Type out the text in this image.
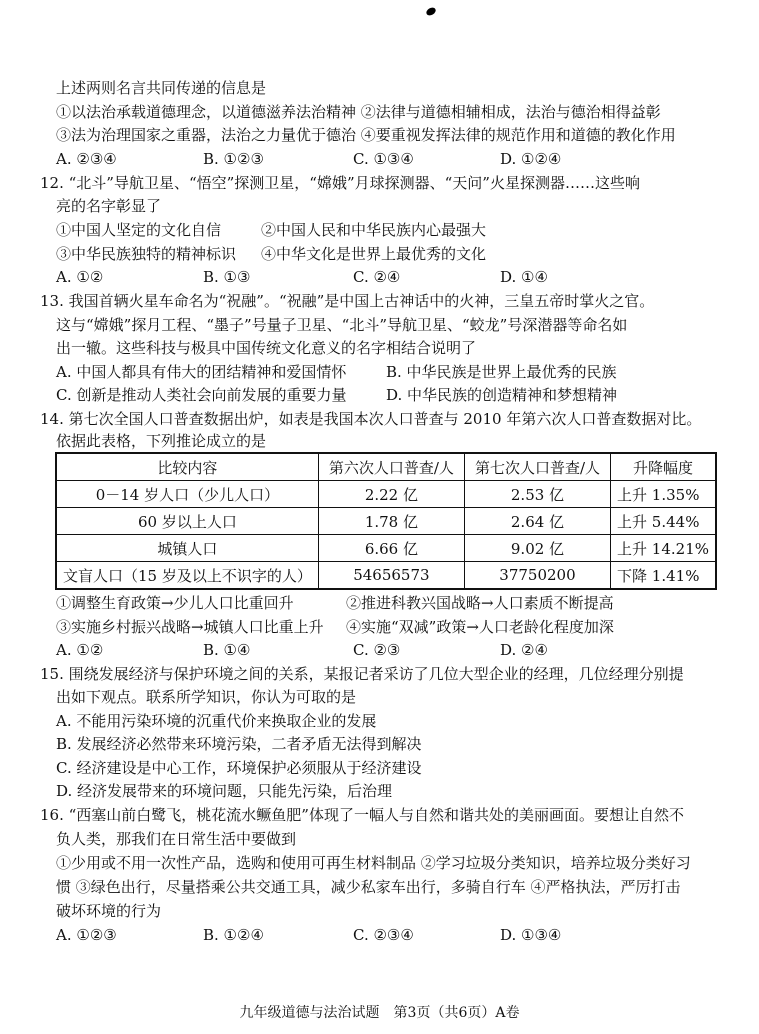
上述两则名言共同传递的信息是
①以法治承载道德理念，以道德滋养法治精神 ②法律与道德相辅相成，法治与德治相得益彰
③法为治理国家之重器，法治之力量优于德治 ④要重视发挥法律的规范作用和道德的教化作用
A. ②③④	B. ①②③	C. ①③④	D. ①②④
12. “北斗”导航卫星、“悟空”探测卫星，“嫦娥”月球探测器、“天问”火星探测器……这些响
亮的名字彰显了
①中国人坚定的文化自信	②中国人民和中华民族内心最强大
③中华民族独特的精神标识 ④中华文化是世界上最优秀的文化
A. ①②	B. ①③	C. ②④	D. ①④
13. 我国首辆火星车命名为“祝融”。“祝融”是中国上古神话中的火神，三皇五帝时掌火之官。
这与“嫦娥”探月工程、“墨子”号量子卫星、“北斗”导航卫星、“蛟龙”号深潜器等命名如
出一辙。这些科技与极具中国传统文化意义的名字相结合说明了
A. 中国人都具有伟大的团结精神和爱国情怀	B. 中华民族是世界上最优秀的民族
C. 创新是推动人类社会向前发展的重要力量	D. 中华民族的创造精神和梦想精神
14. 第七次全国人口普查数据出炉，如表是我国本次人口普查与 2010 年第六次人口普查数据对比。
依据此表格，下列推论成立的是
比较内容	第六次人口普查/人	第七次人口普查/人	升降幅度
0－14 岁人口（少儿人口）	2.22 亿	2.53 亿	上升 1.35%
60 岁以上人口	1.78 亿	2.64 亿	上升 5.44%
城镇人口	6.66 亿	9.02 亿	上升 14.21%
文盲人口（15 岁及以上不识字的人）	54656573	37750200	下降 1.41%
①调整生育政策→少儿人口比重回升	②推进科教兴国战略→人口素质不断提高
③实施乡村振兴战略→城镇人口比重上升 ④实施“双减”政策→人口老龄化程度加深
A. ①②	B. ①④	C. ②③	D. ②④
15. 围绕发展经济与保护环境之间的关系，某报记者采访了几位大型企业的经理，几位经理分别提
出如下观点。联系所学知识，你认为可取的是
A. 不能用污染环境的沉重代价来换取企业的发展
B. 发展经济必然带来环境污染，二者矛盾无法得到解决
C. 经济建设是中心工作，环境保护必须服从于经济建设
D. 经济发展带来的环境问题，只能先污染，后治理
16. “西塞山前白鹭飞，桃花流水鳜鱼肥”体现了一幅人与自然和谐共处的美丽画面。要想让自然不
负人类，那我们在日常生活中要做到
①少用或不用一次性产品，选购和使用可再生材料制品 ②学习垃圾分类知识，培养垃圾分类好习
惯 ③绿色出行，尽量搭乘公共交通工具，减少私家车出行，多骑自行车 ④严格执法，严厉打击
破坏环境的行为
A. ①②③	B. ①②④	C. ②③④	D. ①③④
九年级道德与法治试题　第3页（共6页）A卷
